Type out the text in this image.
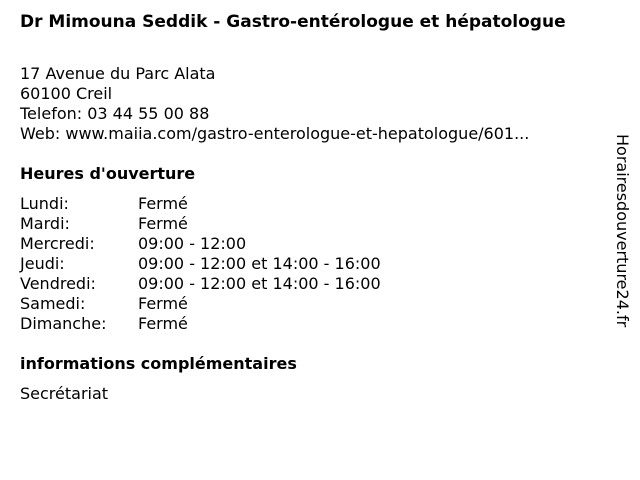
Dr Mimouna Seddik - Gastro-entérologue et hépatologue
17 Avenue du Parc Alata
60100 Creil
Telefon: 03 44 55 00 88
Web: www.maiia.com/gastro-enterologue-et-hepatologue/601...
Heures d'ouverture
Lundi:	Fermé
Mardi:	Fermé
Mercredi:	09:00 - 12:00
Jeudi:	09:00 - 12:00 et 14:00 - 16:00
Vendredi:	09:00 - 12:00 et 14:00 - 16:00
Samedi:	Fermé
Dimanche: Fermé
informations complémentaires
Secrétariat
Horairesdouverture24.fr
